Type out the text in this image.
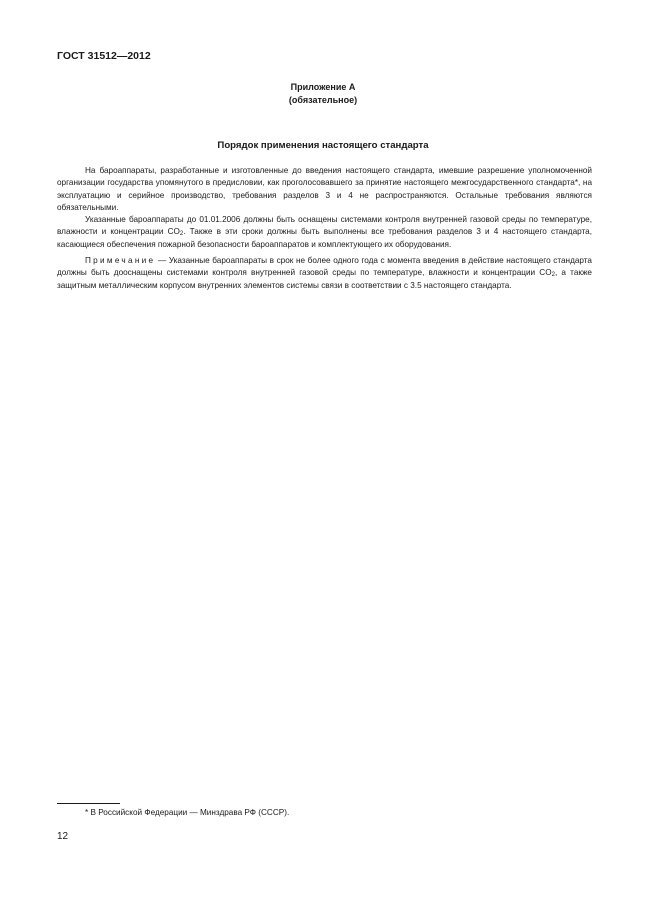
ГОСТ 31512—2012
Приложение А
(обязательное)
Порядок применения настоящего стандарта

На бароаппараты, разработанные и изготовленные до введения настоящего стандарта, имевшие разрешение уполномоченной организации государства упомянутого в предисловии, как проголосовавшего за принятие настоящего межгосударственного стандарта*, на эксплуатацию и серийное производство, требования разделов 3 и 4 не распространяются. Остальные требования являются обязательными.

Указанные бароаппараты до 01.01.2006 должны быть оснащены системами контроля внутренней газовой среды по температуре, влажности и концентрации $CO_2$. Также в эти сроки должны быть выполнены все требования разделов 3 и 4 настоящего стандарта, касающиеся обеспечения пожарной безопасности бароаппаратов и комплектующего их оборудования.

Примечание — Указанные бароаппараты в срок не более одного года с момента введения в действие настоящего стандарта должны быть дооснащены системами контроля внутренней газовой среды по температуре, влажности и концентрации $CO_2$, а также защитным металлическим корпусом внутренних элементов системы связи в соответствии с 3.5 настоящего стандарта.

* В Российской Федерации — Минздрава РФ (СССР).
12
